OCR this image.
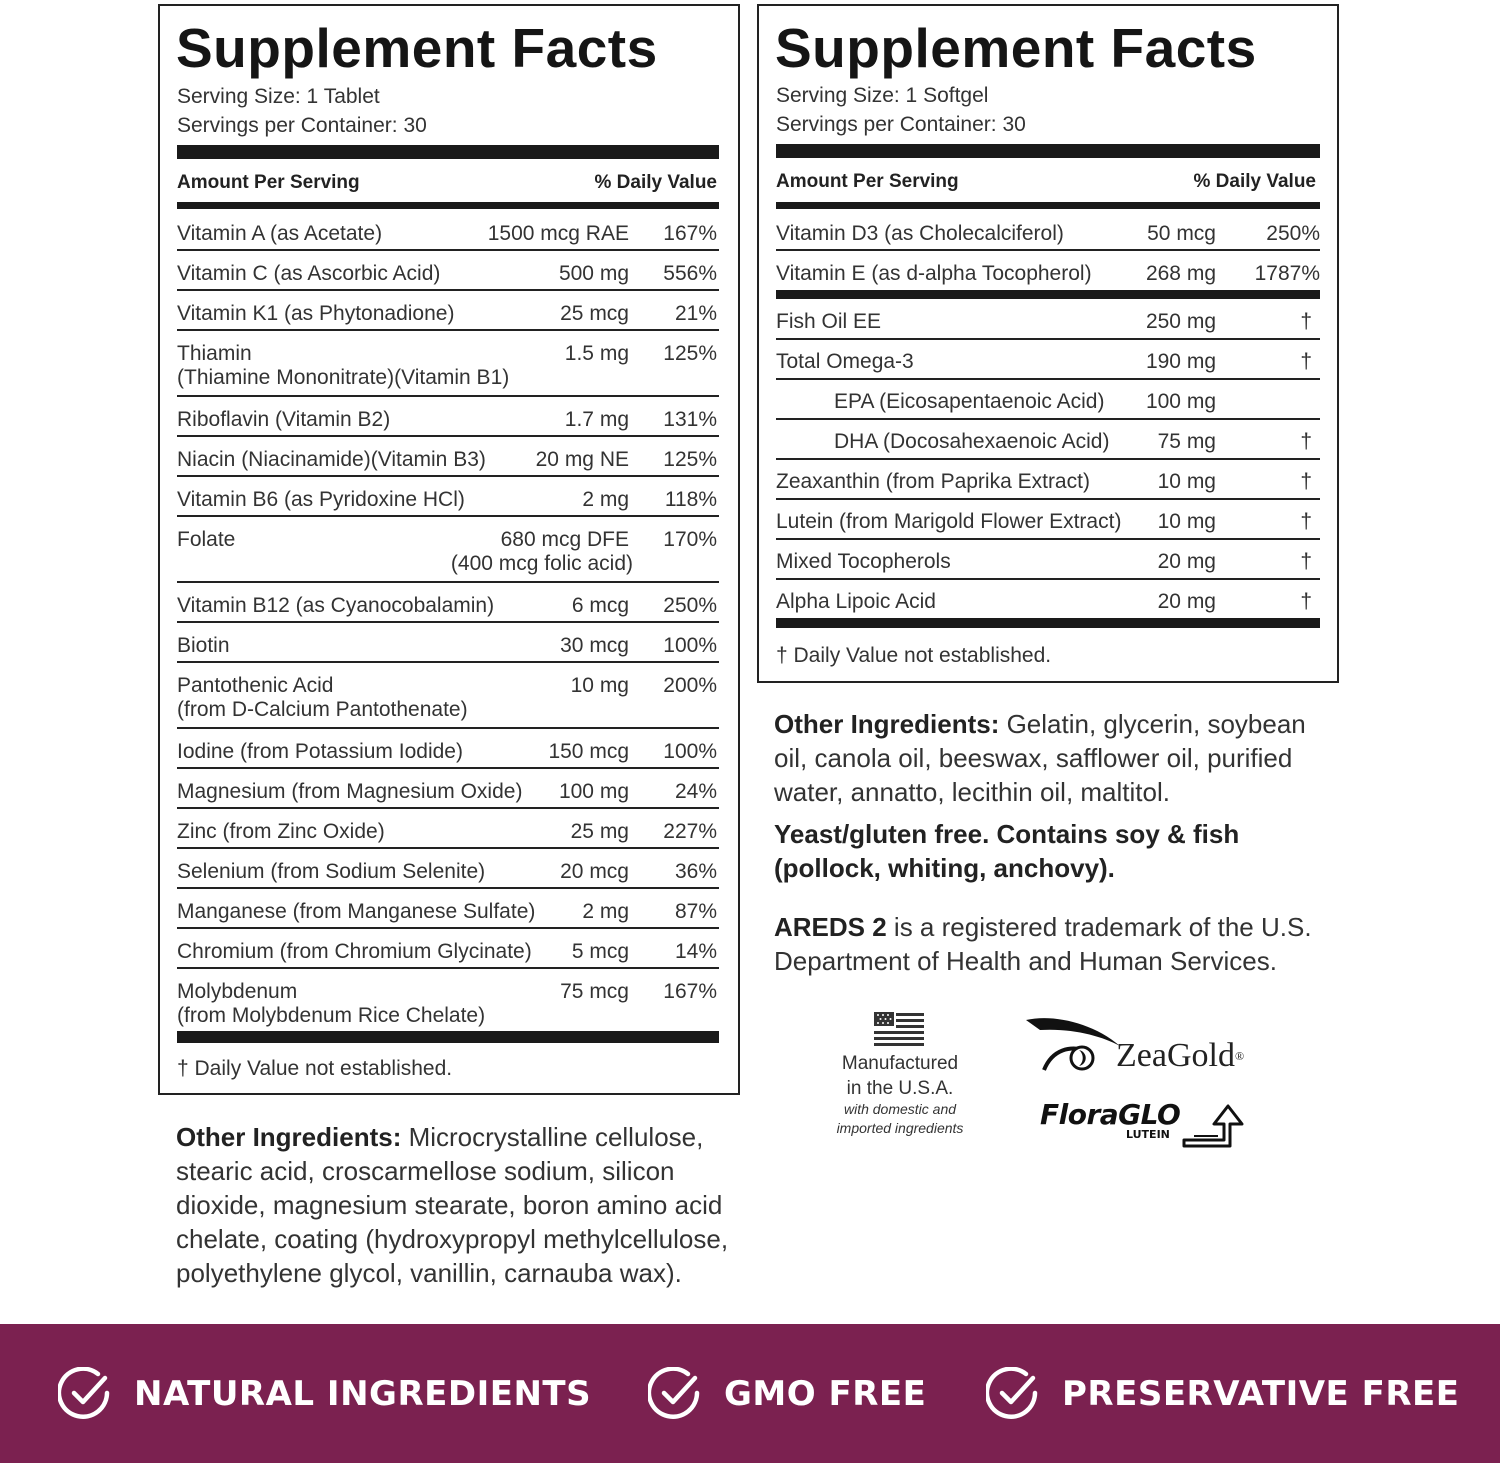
Supplement Facts
Serving Size: 1 Tablet
Servings per Container: 30
Amount Per Serving	% Daily Value
Vitamin A (as Acetate)	1500 mcg RAE 167%
Vitamin C (as Ascorbic Acid)	500 mg 556%
Vitamin K1 (as Phytonadione)	25 mcg 21%
Thiamin
(Thiamine Mononitrate)(Vitamin B1)
1.5 mg 125%
Riboflavin (Vitamin B2)	1.7 mg 131%
Niacin (Niacinamide)(Vitamin B3) 20 mg NE 125%
Vitamin B6 (as Pyridoxine HCl)	2 mg 118%
Folate	680 mcg DFE
(400 mcg folic acid)
170%
Vitamin B12 (as Cyanocobalamin)	6 mcg 250%
Biotin	30 mcg 100%
Pantothenic Acid
(from D-Calcium Pantothenate)
10 mg 200%
Iodine (from Potassium Iodide)	150 mcg 100%
Magnesium (from Magnesium Oxide) 100 mg 24%
Zinc (from Zinc Oxide)	25 mg 227%
Selenium (from Sodium Selenite)	20 mcg 36%
Manganese (from Manganese Sulfate) 2 mg 87%
Chromium (from Chromium Glycinate) 5 mcg 14%
Molybdenum
(from Molybdenum Rice Chelate)
75 mcg 167%
† Daily Value not established.
Other Ingredients: Microcrystalline cellulose, stearic acid, croscarmellose sodium, silicon dioxide, magnesium stearate, boron amino acid chelate, coating (hydroxypropyl methylcellulose, polyethylene glycol, vanillin, carnauba wax).
Supplement Facts
Serving Size: 1 Softgel
Servings per Container: 30
Amount Per Serving	% Daily Value
Vitamin D3 (as Cholecalciferol)	50 mcg 250%
Vitamin E (as d-alpha Tocopherol)	268 mg 1787%
Fish Oil EE	250 mg	†
Total Omega-3	190 mg	†
EPA (Eicosapentaenoic Acid) 100 mg
DHA (Docosahexaenoic Acid) 75 mg	†
Zeaxanthin (from Paprika Extract)	10 mg	†
Lutein (from Marigold Flower Extract) 10 mg	†
Mixed Tocopherols	20 mg	†
Alpha Lipoic Acid	20 mg	†
† Daily Value not established.
Other Ingredients: Gelatin, glycerin, soybean oil, canola oil, beeswax, safflower oil, purified water, annatto, lecithin oil, maltitol.
Yeast/gluten free. Contains soy & fish (pollock, whiting, anchovy).
AREDS 2 is a registered trademark of the U.S. Department of Health and Human Services.
Manufactured
in the U.S.A.
with domestic and
imported ingredients
ZeaGold®
FloraGLO
LUTEIN
NATURAL INGREDIENTS	GMO FREE	PRESERVATIVE FREE
